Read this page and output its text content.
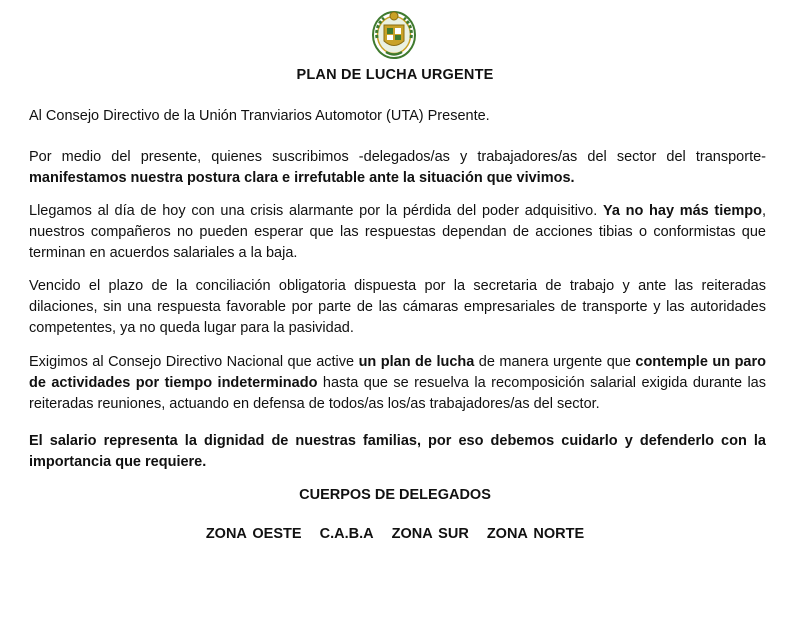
PLAN DE LUCHA URGENTE

Al Consejo Directivo de la Unión Tranviarios Automotor (UTA) Presente.

Por medio del presente, quienes suscribimos -delegados/as y trabajadores/as del sector del transporte- manifestamos nuestra postura clara e irrefutable ante la situación que vivimos.

Llegamos al día de hoy con una crisis alarmante por la pérdida del poder adquisitivo. Ya no hay más tiempo, nuestros compañeros no pueden esperar que las respuestas dependan de acciones tibias o conformistas que terminan en acuerdos salariales a la baja.

Vencido el plazo de la conciliación obligatoria dispuesta por la secretaria de trabajo y ante las reiteradas dilaciones, sin una respuesta favorable por parte de las cámaras empresariales de transporte y las autoridades competentes, ya no queda lugar para la pasividad.

Exigimos al Consejo Directivo Nacional que active un plan de lucha de manera urgente que contemple un paro de actividades por tiempo indeterminado hasta que se resuelva la recomposición salarial exigida durante las reiteradas reuniones, actuando en defensa de todos/as los/as trabajadores/as del sector.

El salario representa la dignidad de nuestras familias, por eso debemos cuidarlo y defenderlo con la importancia que requiere.

CUERPOS DE DELEGADOS
ZONA OESTE C.A.B.A ZONA SUR ZONA NORTE
